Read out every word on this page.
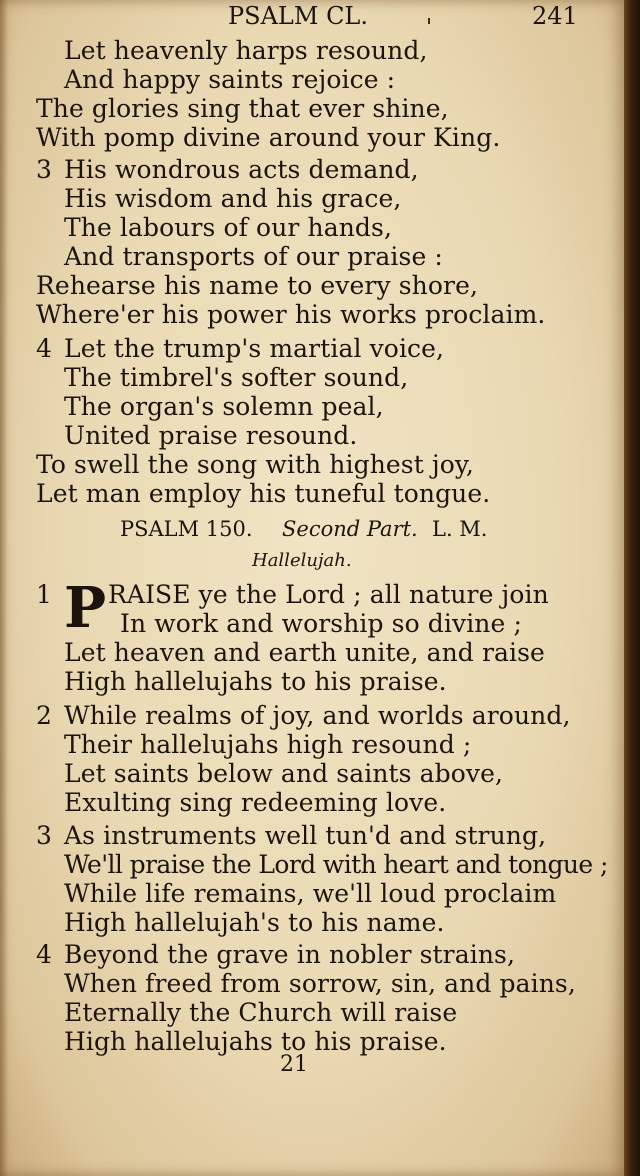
PSALM CL.	241
Let heavenly harps resound,
And happy saints rejoice :
The glories sing that ever shine,
With pomp divine around your King.
3 His wondrous acts demand,
His wisdom and his grace,
The labours of our hands,
And transports of our praise :
Rehearse his name to every shore,
Where'er his power his works proclaim.
4 Let the trump's martial voice,
The timbrel's softer sound,
The organ's solemn peal,
United praise resound.
To swell the song with highest joy,
Let man employ his tuneful tongue.
PSALM 150. Second Part. L. M.
Hallelujah.
1 P RAISE ye the Lord ; all nature join
In work and worship so divine ;
Let heaven and earth unite, and raise
High hallelujahs to his praise.
2 While realms of joy, and worlds around,
Their hallelujahs high resound ;
Let saints below and saints above,
Exulting sing redeeming love.
3 As instruments well tun'd and strung,
We'll praise the Lord with heart and tongue ;
While life remains, we'll loud proclaim
High hallelujah's to his name.
4 Beyond the grave in nobler strains,
When freed from sorrow, sin, and pains,
Eternally the Church will raise
High hallelujahs to his praise.
21
